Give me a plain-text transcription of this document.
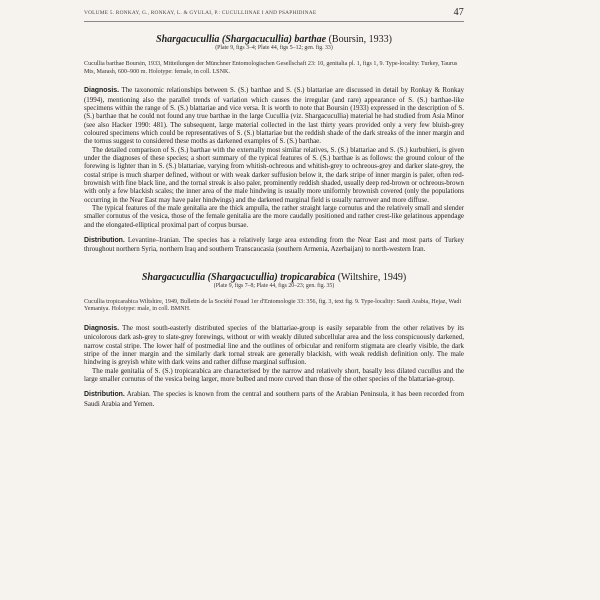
VOLUME 5. RONKAY, G., RONKAY, L. & GYULAI, P.: CUCULLIINAE I AND PSAPHIDINAE	47
Shargacucullia (Shargacucullia) barthae (Boursin, 1933)
(Plate 9, figs 3–4; Plate 44, figs 5–12; gen. fig. 33)
Cucullia barthae Boursin, 1933, Mitteilungen der Münchner Entomologischen Gesellschaft 23: 10, genitalia pl. 1, figs 1, 9. Type-locality: Turkey, Taurus Mts, Marash, 600–900 m. Holotype: female, in coll. LSNK.

Diagnosis. The taxonomic relationships between S. (S.) barthae and S. (S.) blattariae are discussed in detail by Ronkay & Ronkay (1994), mentioning also the parallel trends of variation which causes the irregular (and rare) appearance of S. (S.) barthae-like specimens within the range of S. (S.) blattariae and vice versa. It is worth to note that Boursin (1933) expressed in the description of S. (S.) barthae that he could not found any true barthae in the large Cucullia (viz. Shargacucullia) material he had studied from Asia Minor (see also Hacker 1990: 481). The subsequent, large material collected in the last thirty years provided only a very few bluish-grey coloured specimens which could be representatives of S. (S.) blattariae but the reddish shade of the dark streaks of the inner margin and the tornus suggest to considered these moths as darkened examples of S. (S.) barthae.

The detailed comparison of S. (S.) barthae with the externally most similar relatives, S. (S.) blattariae and S. (S.) kurbuhieri, is given under the diagnoses of these species; a short summary of the typical features of S. (S.) barthae is as follows: the ground colour of the forewing is lighter than in S. (S.) blattariae, varying from whitish-ochreous and whitish-grey to ochreous-grey and darker slate-grey, the costal stripe is much sharper defined, without or with weak darker suffusion below it, the dark stripe of inner margin is paler, often red-brownish with fine black line, and the tornal streak is also paler, prominently reddish shaded, usually deep red-brown or ochreous-brown with only a few blackish scales; the inner area of the male hindwing is usually more uniformly brownish covered (only the populations occurring in the Near East may have paler hindwings) and the darkened marginal field is usually narrower and more diffuse.

The typical features of the male genitalia are the thick ampulla, the rather straight large cornutus and the relatively small and slender smaller cornutus of the vesica, those of the female genitalia are the more caudally positioned and rather crest-like gelatinous appendage and the elongated-elliptical proximal part of corpus bursae.

Distribution. Levantine–Iranian. The species has a relatively large area extending from the Near East and most parts of Turkey throughout northern Syria, northern Iraq and southern Transcaucasia (southern Armenia, Azerbaijan) to north-western Iran.

Shargacucullia (Shargacucullia) tropicarabica (Wiltshire, 1949)
(Plate 9, figs 7–8; Plate 44, figs 20–23; gen. fig. 35)
Cucullia tropicarabica Wiltshire, 1949, Bulletin de la Société Fouad 1er d'Entomologie 33: 356, fig. 3, text fig. 9. Type-locality: Saudi Arabia, Hejaz, Wadi Yemaniya. Holotype: male, in coll. BMNH.

Diagnosis. The most south-easterly distributed species of the blattariae-group is easily separable from the other relatives by its unicolorous dark ash-grey to slate-grey forewings, without or with weakly diluted subcellular area and the less conspicuously darkened, narrow costal stripe. The lower half of postmedial line and the outlines of orbicular and reniform stigmata are clearly visible, the dark stripe of the inner margin and the similarly dark tornal streak are generally blackish, with weak reddish definition only. The male hindwing is greyish white with dark veins and rather diffuse marginal suffusion.

The male genitalia of S. (S.) tropicarabica are characterised by the narrow and relatively short, basally less dilated cucullus and the large smaller cornutus of the vesica being larger, more bulbed and more curved than those of the other species of the blattariae-group.

Distribution. Arabian. The species is known from the central and southern parts of the Arabian Peninsula, it has been recorded from Saudi Arabia and Yemen.
